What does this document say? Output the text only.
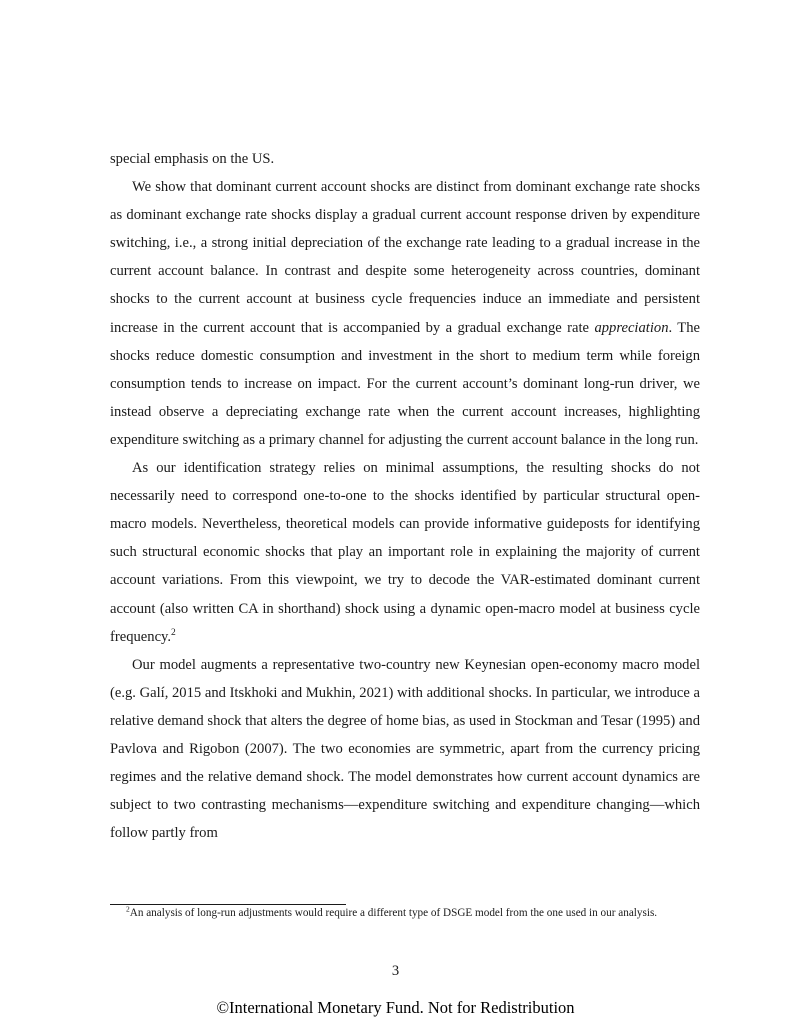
special emphasis on the US.

We show that dominant current account shocks are distinct from dominant exchange rate shocks as dominant exchange rate shocks display a gradual current account response driven by expenditure switching, i.e., a strong initial depreciation of the exchange rate leading to a gradual increase in the current account balance. In contrast and despite some heterogeneity across countries, dominant shocks to the current account at business cycle frequencies induce an immediate and persistent increase in the current account that is accompanied by a gradual exchange rate appreciation. The shocks reduce domestic consumption and investment in the short to medium term while foreign consumption tends to increase on impact. For the current account’s dominant long-run driver, we instead observe a depreciating exchange rate when the current account increases, highlighting expenditure switching as a primary channel for adjusting the current account balance in the long run.

As our identification strategy relies on minimal assumptions, the resulting shocks do not necessarily need to correspond one-to-one to the shocks identified by particular structural open-macro models. Nevertheless, theoretical models can provide informative guideposts for identifying such structural economic shocks that play an important role in explaining the majority of current account variations. From this viewpoint, we try to decode the VAR-estimated dominant current account (also written CA in shorthand) shock using a dynamic open-macro model at business cycle frequency.$^2$

Our model augments a representative two-country new Keynesian open-economy macro model (e.g. Galí, 2015 and Itskhoki and Mukhin, 2021) with additional shocks. In particular, we introduce a relative demand shock that alters the degree of home bias, as used in Stockman and Tesar (1995) and Pavlova and Rigobon (2007). The two economies are symmetric, apart from the currency pricing regimes and the relative demand shock. The model demonstrates how current account dynamics are subject to two contrasting mechanisms—expenditure switching and expenditure changing—which follow partly from

$^2$An analysis of long-run adjustments would require a different type of DSGE model from the one used in our analysis.
3
©International Monetary Fund. Not for Redistribution
